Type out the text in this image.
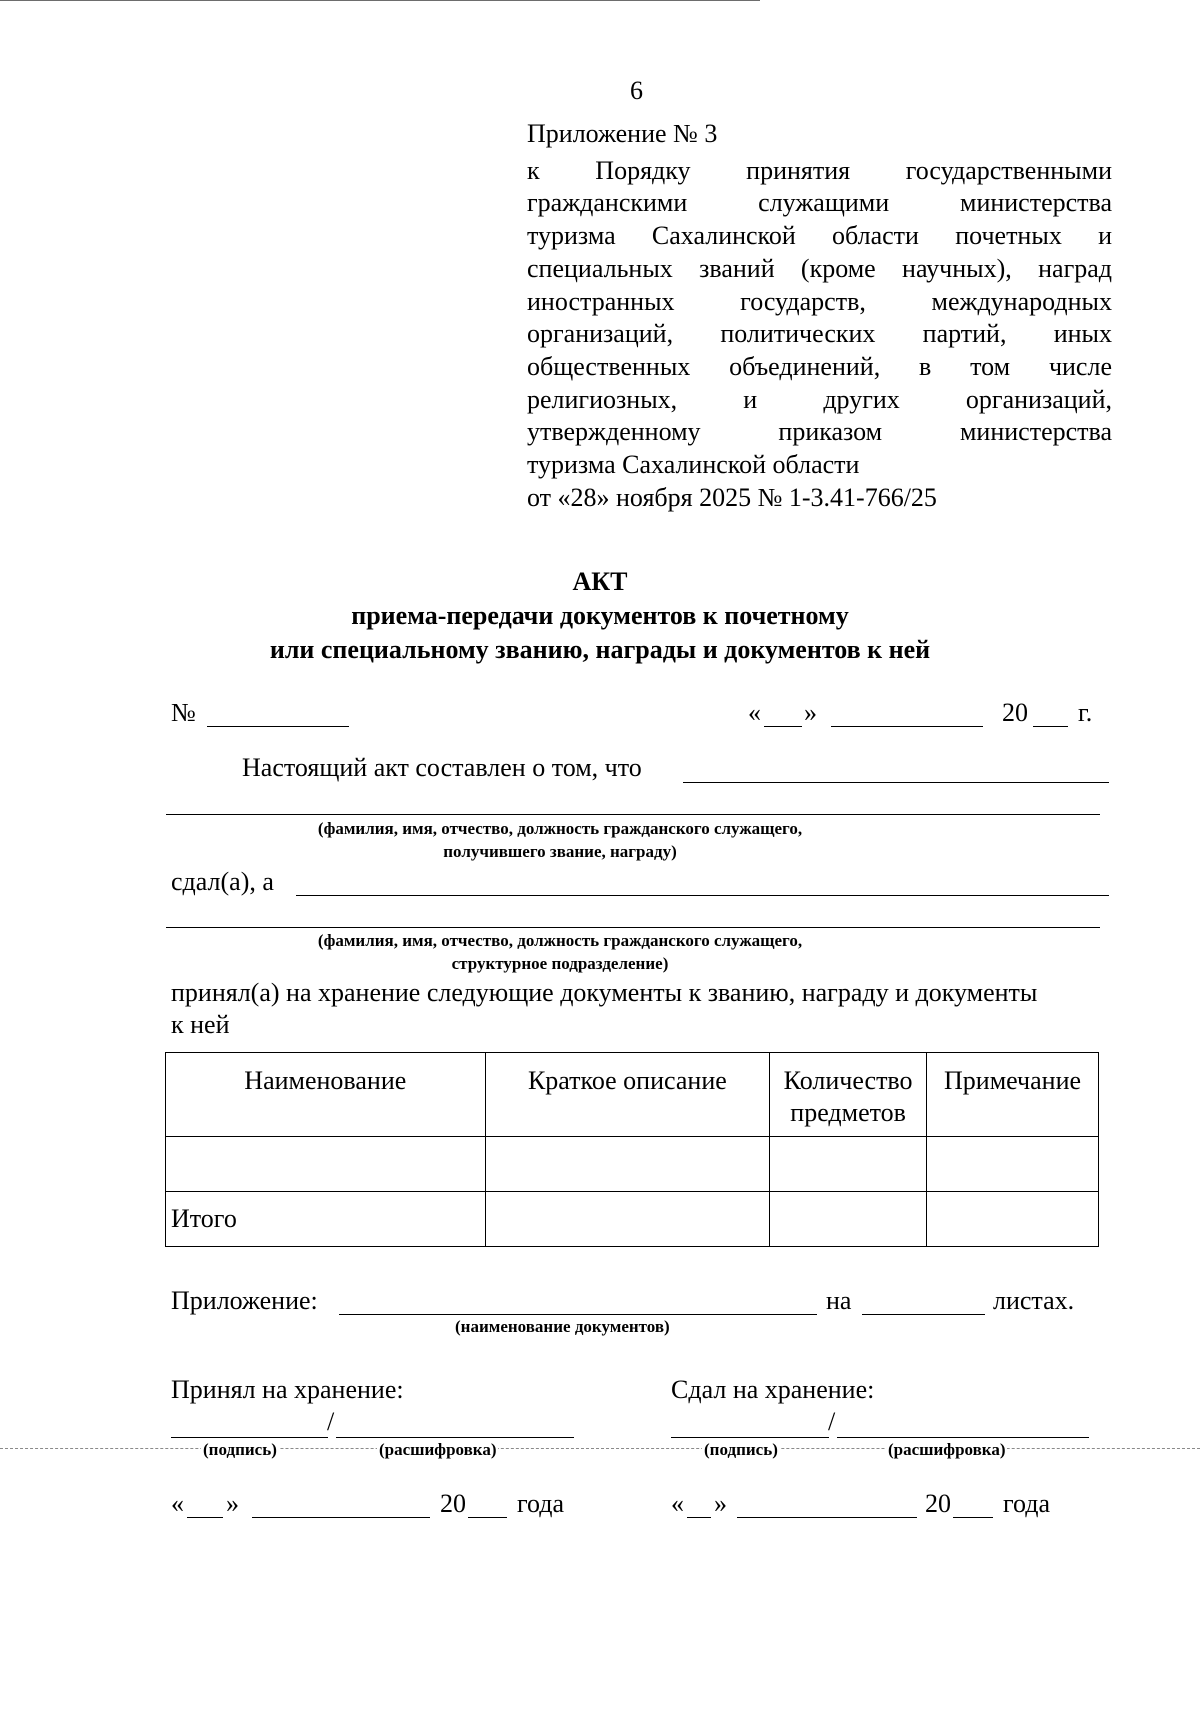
6
Приложение № 3
к Порядку принятия государственными
гражданскими служащими министерства
туризма Сахалинской области почетных и
специальных званий (кроме научных), наград
иностранных государств, международных
организаций, политических партий, иных
общественных объединений, в том числе
религиозных, и других организаций,
утвержденному приказом министерства
туризма Сахалинской области
от «28» ноября 2025 № 1-3.41-766/25
АКТ
приема-передачи документов к почетному
или специальному званию, награды и документов к ней
№	« »	20 г.
Настоящий акт составлен о том, что
(фамилия, имя, отчество, должность гражданского служащего,
получившего звание, награду)
сдал(а), а
(фамилия, имя, отчество, должность гражданского служащего,
структурное подразделение)
принял(а) на хранение следующие документы к званию, награду и документы
к ней
Наименование	Краткое описание	Количество предметов	Примечание

Итого			
Приложение:	на	листах.
(наименование документов)
Принял на хранение:	Сдал на хранение:
/
(подпись)	(расшифровка)
/
(подпись)	(расшифровка)
« »	20 года	« »	20 года
